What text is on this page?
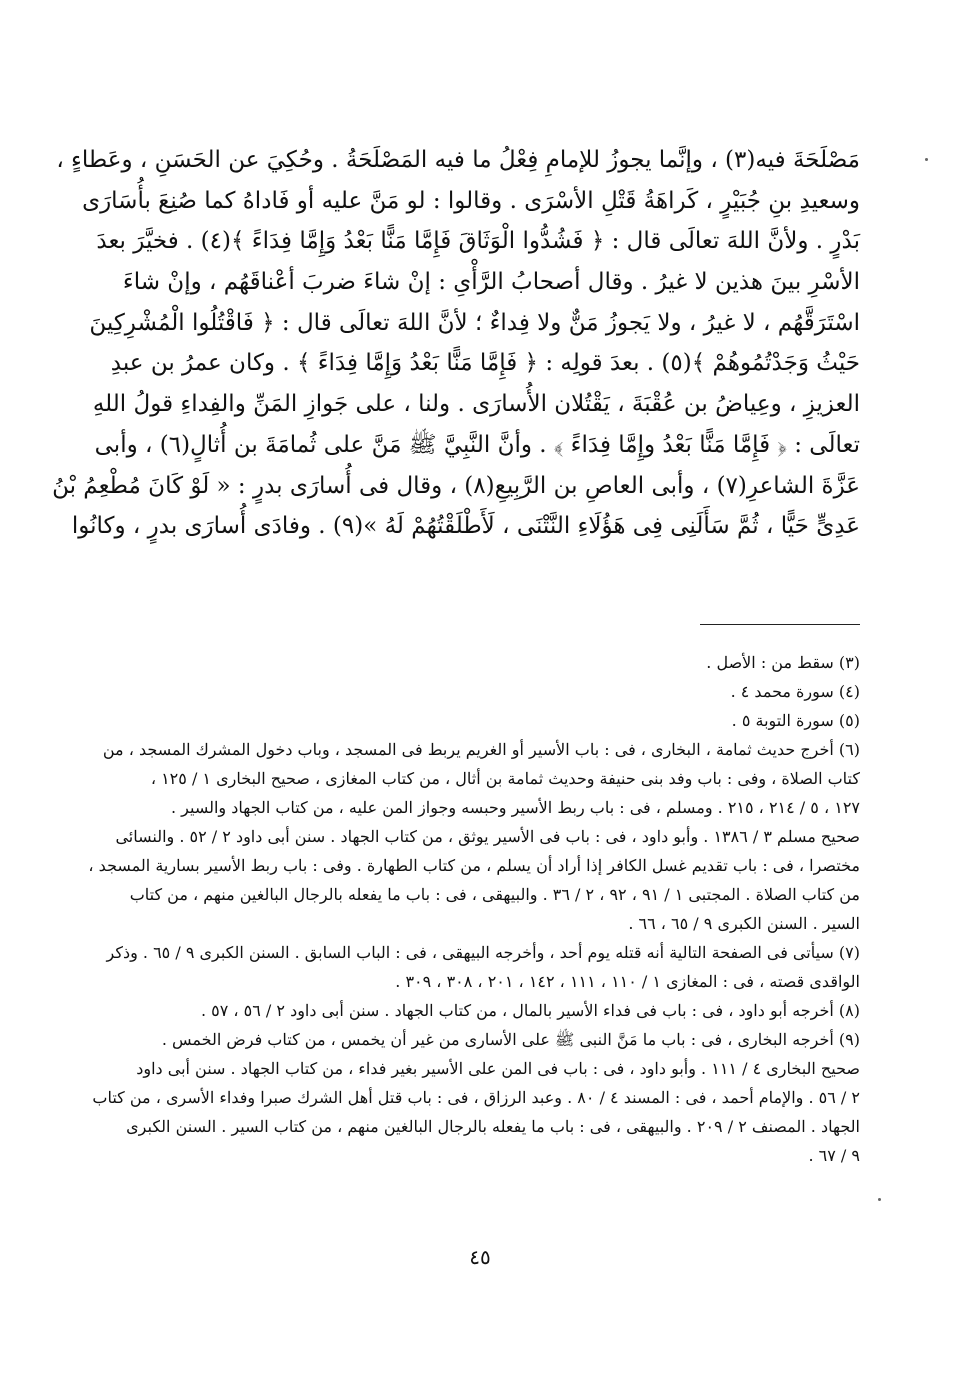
مَصْلَحَةَ فيه(٣) ، وإنَّما يجوزُ للإمامِ فِعْلُ ما فيه المَصْلَحَةُ . وحُكِيَ عن الحَسَنِ ، وعَطاءٍ ،
وسعيدِ بنِ جُبَيْرٍ ، كَراهَةُ قَتْلِ الأسْرَى . وقالوا : لو مَنَّ عليه أو فَاداهُ كما صُنِعَ بأُسَارَى
بَدْرٍ . ولأنَّ اللهَ تعالَى قال : ﴿ فَشُدُّوا الْوَثَاقَ فَإِمَّا مَنًّا بَعْدُ وَإِمَّا فِدَاءً ﴾(٤) . فخيَّرَ بعدَ
الأسْرِ بينَ هذين لا غيرُ . وقال أصحابُ الرَّأْىِ : إنْ شاءَ ضربَ أعْناقَهُم ، وإنْ شاءَ
اسْتَرَقَّهُم ، لا غيرُ ، ولا يَجوزُ مَنٌّ ولا فِداءٌ ؛ لأنَّ اللهَ تعالَى قال : ﴿ فَاقْتُلُوا الْمُشْرِكِينَ
حَيْثُ وَجَدْتُمُوهُمْ ﴾(٥) . بعدَ قولِه : ﴿ فَإِمَّا مَنًّا بَعْدُ وَإِمَّا فِدَاءً ﴾ . وكان عمرُ بن عبدِ
العزيزِ ، وعِياضُ بن عُقْبَةَ ، يَقْتُلان الأُسارَى . ولنا ، على جَوازِ المَنِّ والفِداءِ قولُ اللهِ
تعالَى : ﴿ فَإِمَّا مَنًّا بَعْدُ وإِمَّا فِدَاءً ﴾ . وأنَّ النَّبِيَّ ﷺ مَنَّ على ثُمامَةَ بن أُثالٍ(٦) ، وأبى
عَزَّةَ الشاعرِ(٧) ، وأبى العاصِ بن الرَّبِيعِ(٨) ، وقال فى أُسارَى بدرٍ : « لَوْ كَانَ مُطْعِمُ بْنُ
عَدِىٍّ حَيًّا ، ثُمَّ سَأَلَنِى فِى هَؤُلَاءِ النَّتْنَى ، لَأَطْلَقْتُهُمْ لَهُ »(٩) . وفادَى أُسارَى بدرٍ ، وكانُوا
(٣) سقط من : الأصل .
(٤) سورة محمد ٤ .
(٥) سورة التوبة ٥ .
(٦) أخرج حديث ثمامة ، البخارى ، فى : باب الأسير أو الغريم يربط فى المسجد ، وباب دخول المشرك المسجد ، من
كتاب الصلاة ، وفى : باب وفد بنى حنيفة وحديث ثمامة بن أثال ، من كتاب المغازى ، صحيح البخارى ١ / ١٢٥ ،
١٢٧ ، ٥ / ٢١٤ ، ٢١٥ . ومسلم ، فى : باب ربط الأسير وحبسه وجواز المن عليه ، من كتاب الجهاد والسير .
صحيح مسلم ٣ / ١٣٨٦ . وأبو داود ، فى : باب فى الأسير يوثق ، من كتاب الجهاد . سنن أبى داود ٢ / ٥٢ . والنسائى
مختصرا ، فى : باب تقديم غسل الكافر إذا أراد أن يسلم ، من كتاب الطهارة . وفى : باب ربط الأسير بسارية المسجد ،
من كتاب الصلاة . المجتبى ١ / ٩١ ، ٩٢ ، ٢ / ٣٦ . والبيهقى ، فى : باب ما يفعله بالرجال البالغين منهم ، من كتاب
السير . السنن الكبرى ٩ / ٦٥ ، ٦٦ .
(٧) سيأتى فى الصفحة التالية أنه قتله يوم أحد ، وأخرجه البيهقى ، فى : الباب السابق . السنن الكبرى ٩ / ٦٥ . وذكر
الواقدى قصته ، فى : المغازى ١ / ١١٠ ، ١١١ ، ١٤٢ ، ٢٠١ ، ٣٠٨ ، ٣٠٩ .
(٨) أخرجه أبو داود ، فى : باب فى فداء الأسير بالمال ، من كتاب الجهاد . سنن أبى داود ٢ / ٥٦ ، ٥٧ .
(٩) أخرجه البخارى ، فى : باب ما مَنَّ النبى ﷺ على الأسارى من غير أن يخمس ، من كتاب فرض الخمس .
صحيح البخارى ٤ / ١١١ . وأبو داود ، فى : باب فى المن على الأسير بغير فداء ، من كتاب الجهاد . سنن أبى داود
٢ / ٥٦ . والإمام أحمد ، فى : المسند ٤ / ٨٠ . وعبد الرزاق ، فى : باب قتل أهل الشرك صبرا وفداء الأسرى ، من كتاب
الجهاد . المصنف ٢ / ٢٠٩ . والبيهقى ، فى : باب ما يفعله بالرجال البالغين منهم ، من كتاب السير . السنن الكبرى
٩ / ٦٧ .
٤٥
